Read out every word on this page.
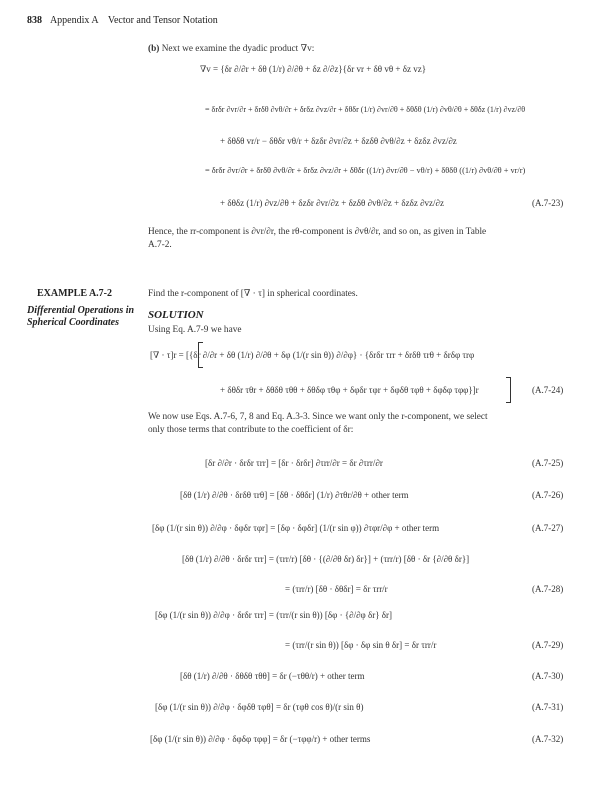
838 Appendix A    Vector and Tensor Notation
(b) Next we examine the dyadic product ∇v:
∇v = {δr ∂/∂r + δθ (1/r) ∂/∂θ + δz ∂/∂z}{δr vr + δθ vθ + δz vz}
= δrδr ∂vr/∂r + δrδθ ∂vθ/∂r + δrδz ∂vz/∂r + δθδr (1/r) ∂vr/∂θ + δθδθ (1/r) ∂vθ/∂θ + δθδz (1/r) ∂vz/∂θ
+ δθδθ vr/r − δθδr vθ/r + δzδr ∂vr/∂z + δzδθ ∂vθ/∂z + δzδz ∂vz/∂z
= δrδr ∂vr/∂r + δrδθ ∂vθ/∂r + δrδz ∂vz/∂r + δθδr ((1/r) ∂vr/∂θ − vθ/r) + δθδθ ((1/r) ∂vθ/∂θ + vr/r)
+ δθδz (1/r) ∂vz/∂θ + δzδr ∂vr/∂z + δzδθ ∂vθ/∂z + δzδz ∂vz/∂z	(A.7-23)
Hence, the rr-component is ∂vr/∂r, the rθ-component is ∂vθ/∂r, and so on, as given in Table
A.7-2.
EXAMPLE A.7-2	Find the r-component of [∇ · τ] in spherical coordinates.
Differential Operations in Spherical Coordinates
SOLUTION
Using Eq. A.7-9 we have
[∇ · τ]r = [{δr ∂/∂r + δθ (1/r) ∂/∂θ + δφ (1/(r sin θ)) ∂/∂φ} · {δrδr τrr + δrδθ τrθ + δrδφ τrφ
+ δθδr τθr + δθδθ τθθ + δθδφ τθφ + δφδr τφr + δφδθ τφθ + δφδφ τφφ}]r	(A.7-24)
We now use Eqs. A.7-6, 7, 8 and Eq. A.3-3. Since we want only the r-component, we select
only those terms that contribute to the coefficient of δr:
[δr ∂/∂r · δrδr τrr] = [δr · δrδr] ∂τrr/∂r = δr ∂τrr/∂r	(A.7-25)
[δθ (1/r) ∂/∂θ · δrδθ τrθ] = [δθ · δθδr] (1/r) ∂τθr/∂θ + other term	(A.7-26)
[δφ (1/(r sin θ)) ∂/∂φ · δφδr τφr] = [δφ · δφδr] (1/(r sin φ)) ∂τφr/∂φ + other term	(A.7-27)
[δθ (1/r) ∂/∂θ · δrδr τrr] = (τrr/r) [δθ · {(∂/∂θ δr) δr}] + (τrr/r) [δθ · δr {∂/∂θ δr}]
= (τrr/r) [δθ · δθδr] = δr τrr/r	(A.7-28)
[δφ (1/(r sin θ)) ∂/∂φ · δrδr τrr] = (τrr/(r sin θ)) [δφ · {∂/∂φ δr} δr]
= (τrr/(r sin θ)) [δφ · δφ sin θ δr] = δr τrr/r	(A.7-29)
[δθ (1/r) ∂/∂θ · δθδθ τθθ] = δr (−τθθ/r) + other term	(A.7-30)
[δφ (1/(r sin θ)) ∂/∂φ · δφδθ τφθ] = δr (τφθ cos θ)/(r sin θ)	(A.7-31)
[δφ (1/(r sin θ)) ∂/∂φ · δφδφ τφφ] = δr (−τφφ/r) + other terms	(A.7-32)
